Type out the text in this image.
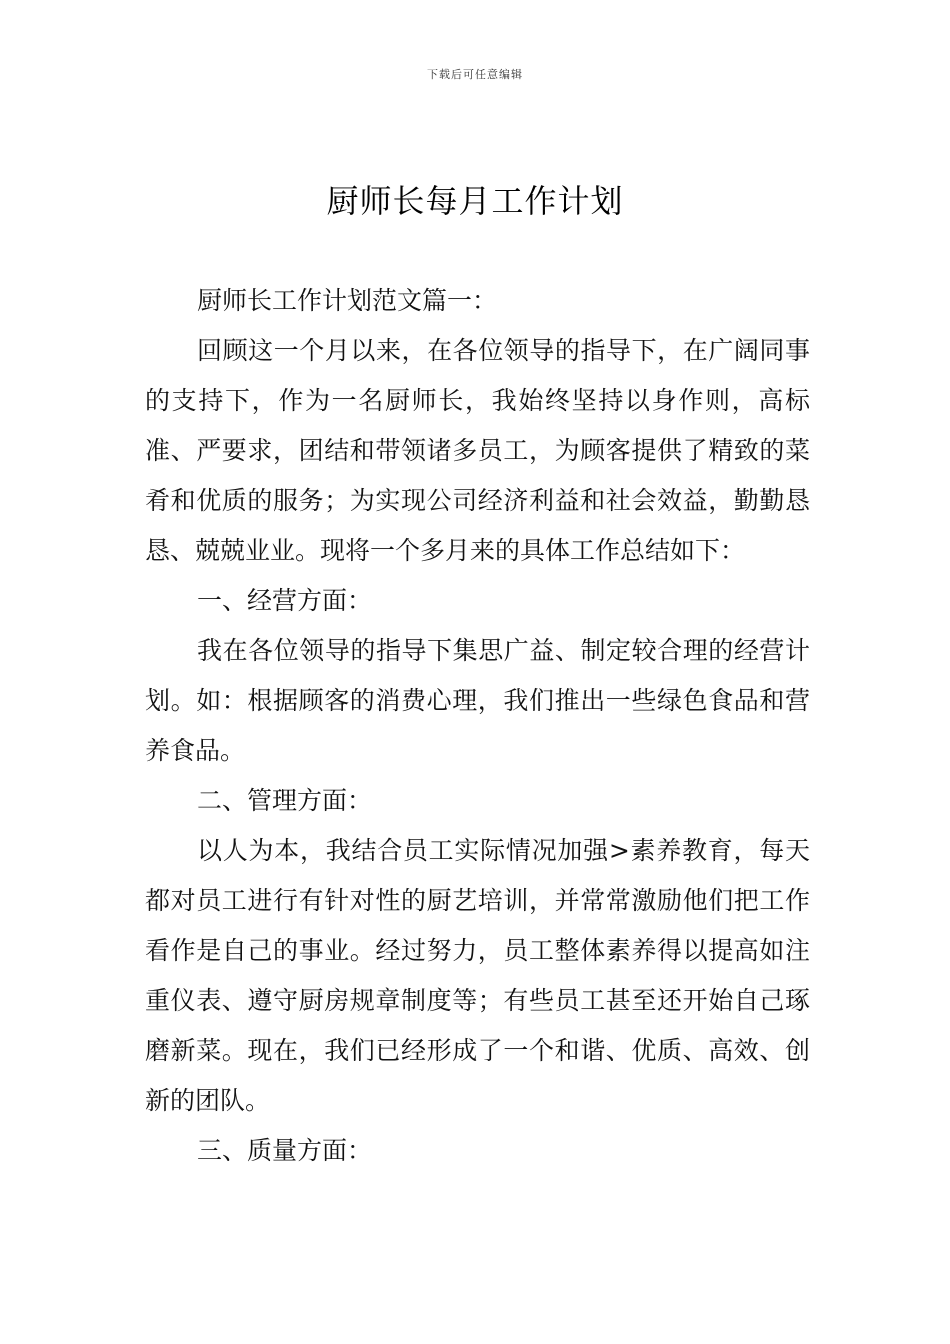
下载后可任意编辑
厨师长每月工作计划

厨师长工作计划范文篇一：

回顾这一个月以来，在各位领导的指导下，在广阔同事的支持下，作为一名厨师长，我始终坚持以身作则，高标准、严要求，团结和带领诸多员工，为顾客提供了精致的菜肴和优质的服务；为实现公司经济利益和社会效益，勤勤恳恳、兢兢业业。现将一个多月来的具体工作总结如下：

一、经营方面：

我在各位领导的指导下集思广益、制定较合理的经营计划。如：根据顾客的消费心理，我们推出一些绿色食品和营养食品。

二、管理方面：

以人为本，我结合员工实际情况加强>素养教育，每天都对员工进行有针对性的厨艺培训，并常常激励他们把工作看作是自己的事业。经过努力，员工整体素养得以提高如注重仪表、遵守厨房规章制度等；有些员工甚至还开始自己琢磨新菜。现在，我们已经形成了一个和谐、优质、高效、创新的团队。

三、质量方面：
